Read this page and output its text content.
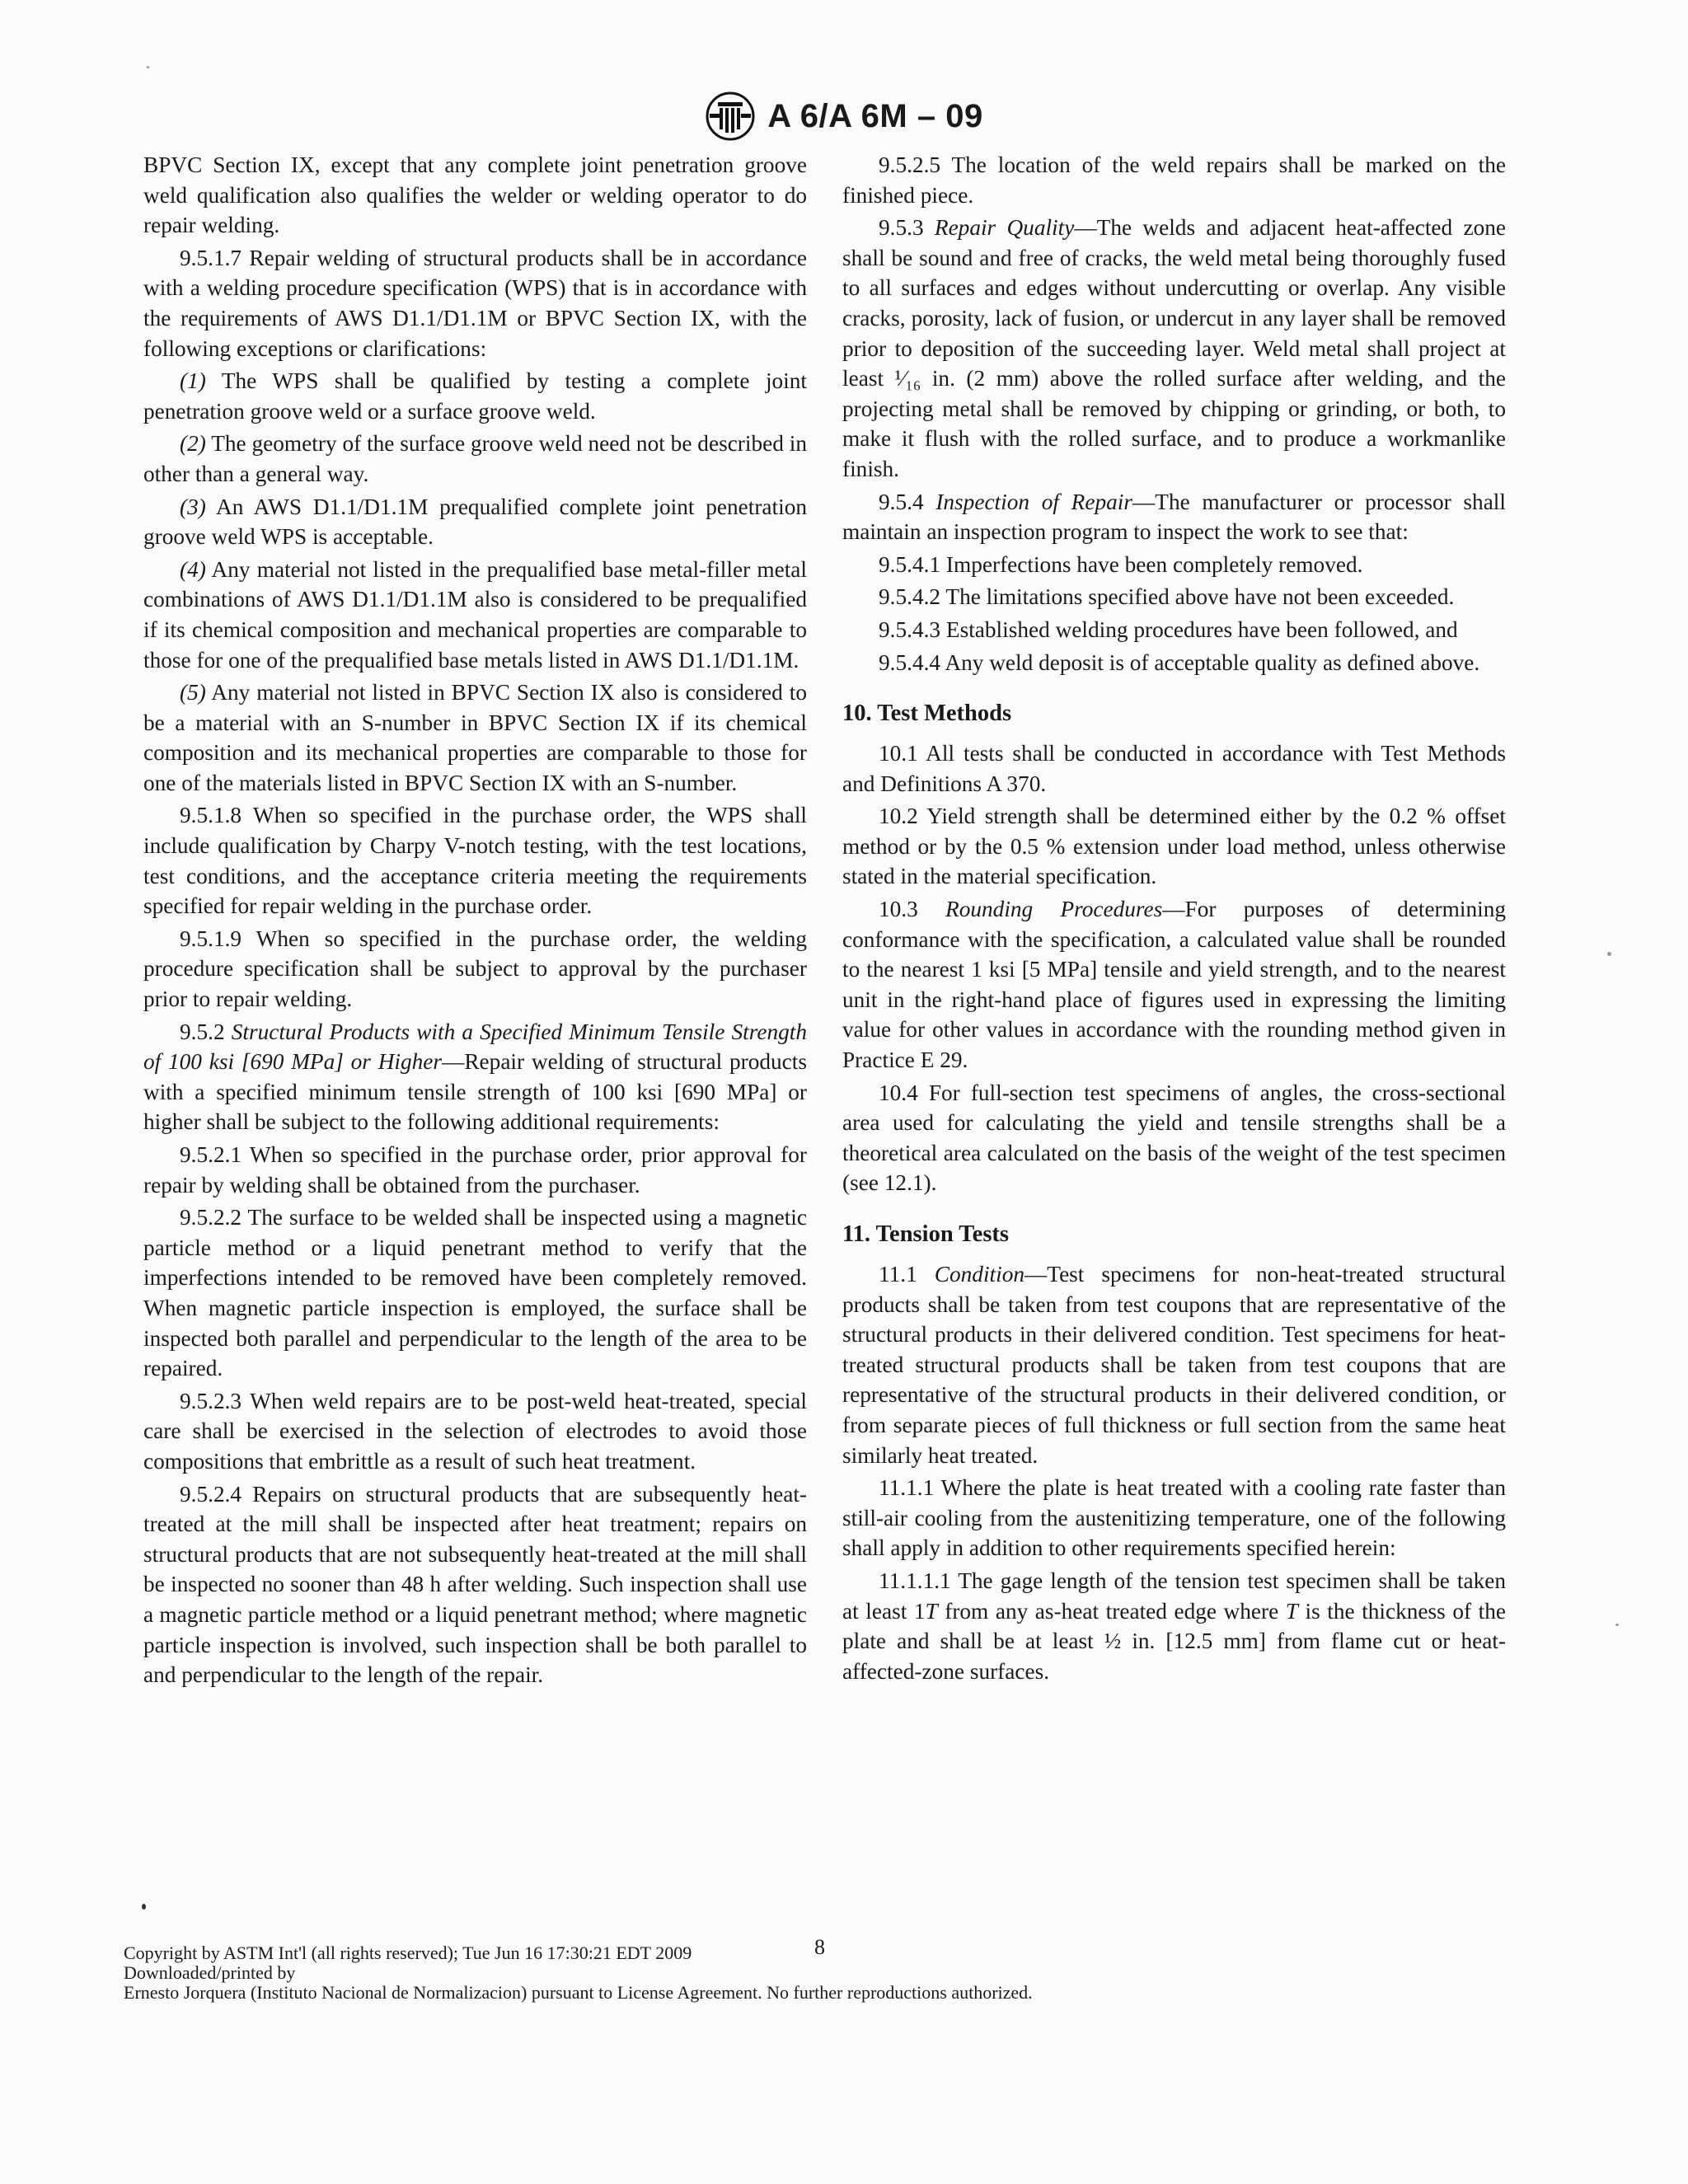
A 6/A 6M – 09

BPVC Section IX, except that any complete joint penetration groove weld qualification also qualifies the welder or welding operator to do repair welding.

9.5.1.7 Repair welding of structural products shall be in accordance with a welding procedure specification (WPS) that is in accordance with the requirements of AWS D1.1/D1.1M or BPVC Section IX, with the following exceptions or clarifications:

(1) The WPS shall be qualified by testing a complete joint penetration groove weld or a surface groove weld.

(2) The geometry of the surface groove weld need not be described in other than a general way.

(3) An AWS D1.1/D1.1M prequalified complete joint penetration groove weld WPS is acceptable.

(4) Any material not listed in the prequalified base metal-filler metal combinations of AWS D1.1/D1.1M also is considered to be prequalified if its chemical composition and mechanical properties are comparable to those for one of the prequalified base metals listed in AWS D1.1/D1.1M.

(5) Any material not listed in BPVC Section IX also is considered to be a material with an S-number in BPVC Section IX if its chemical composition and its mechanical properties are comparable to those for one of the materials listed in BPVC Section IX with an S-number.

9.5.1.8 When so specified in the purchase order, the WPS shall include qualification by Charpy V-notch testing, with the test locations, test conditions, and the acceptance criteria meeting the requirements specified for repair welding in the purchase order.

9.5.1.9 When so specified in the purchase order, the welding procedure specification shall be subject to approval by the purchaser prior to repair welding.

9.5.2 Structural Products with a Specified Minimum Tensile Strength of 100 ksi [690 MPa] or Higher—Repair welding of structural products with a specified minimum tensile strength of 100 ksi [690 MPa] or higher shall be subject to the following additional requirements:

9.5.2.1 When so specified in the purchase order, prior approval for repair by welding shall be obtained from the purchaser.

9.5.2.2 The surface to be welded shall be inspected using a magnetic particle method or a liquid penetrant method to verify that the imperfections intended to be removed have been completely removed. When magnetic particle inspection is employed, the surface shall be inspected both parallel and perpendicular to the length of the area to be repaired.

9.5.2.3 When weld repairs are to be post-weld heat-treated, special care shall be exercised in the selection of electrodes to avoid those compositions that embrittle as a result of such heat treatment.

9.5.2.4 Repairs on structural products that are subsequently heat-treated at the mill shall be inspected after heat treatment; repairs on structural products that are not subsequently heat-treated at the mill shall be inspected no sooner than 48 h after welding. Such inspection shall use a magnetic particle method or a liquid penetrant method; where magnetic particle inspection is involved, such inspection shall be both parallel to and perpendicular to the length of the repair.

9.5.2.5 The location of the weld repairs shall be marked on the finished piece.

9.5.3 Repair Quality—The welds and adjacent heat-affected zone shall be sound and free of cracks, the weld metal being thoroughly fused to all surfaces and edges without undercutting or overlap. Any visible cracks, porosity, lack of fusion, or undercut in any layer shall be removed prior to deposition of the succeeding layer. Weld metal shall project at least ¹⁄₁₆ in. (2 mm) above the rolled surface after welding, and the projecting metal shall be removed by chipping or grinding, or both, to make it flush with the rolled surface, and to produce a workmanlike finish.

9.5.4 Inspection of Repair—The manufacturer or processor shall maintain an inspection program to inspect the work to see that:

9.5.4.1 Imperfections have been completely removed.

9.5.4.2 The limitations specified above have not been exceeded.

9.5.4.3 Established welding procedures have been followed, and

9.5.4.4 Any weld deposit is of acceptable quality as defined above.

10. Test Methods

10.1 All tests shall be conducted in accordance with Test Methods and Definitions A 370.

10.2 Yield strength shall be determined either by the 0.2 % offset method or by the 0.5 % extension under load method, unless otherwise stated in the material specification.

10.3 Rounding Procedures—For purposes of determining conformance with the specification, a calculated value shall be rounded to the nearest 1 ksi [5 MPa] tensile and yield strength, and to the nearest unit in the right-hand place of figures used in expressing the limiting value for other values in accordance with the rounding method given in Practice E 29.

10.4 For full-section test specimens of angles, the cross-sectional area used for calculating the yield and tensile strengths shall be a theoretical area calculated on the basis of the weight of the test specimen (see 12.1).

11. Tension Tests

11.1 Condition—Test specimens for non-heat-treated structural products shall be taken from test coupons that are representative of the structural products in their delivered condition. Test specimens for heat-treated structural products shall be taken from test coupons that are representative of the structural products in their delivered condition, or from separate pieces of full thickness or full section from the same heat similarly heat treated.

11.1.1 Where the plate is heat treated with a cooling rate faster than still-air cooling from the austenitizing temperature, one of the following shall apply in addition to other requirements specified herein:

11.1.1.1 The gage length of the tension test specimen shall be taken at least 1T from any as-heat treated edge where T is the thickness of the plate and shall be at least ½ in. [12.5 mm] from flame cut or heat-affected-zone surfaces.

8
Copyright by ASTM Int'l (all rights reserved); Tue Jun 16 17:30:21 EDT 2009
Downloaded/printed by
Ernesto Jorquera (Instituto Nacional de Normalizacion) pursuant to License Agreement. No further reproductions authorized.
